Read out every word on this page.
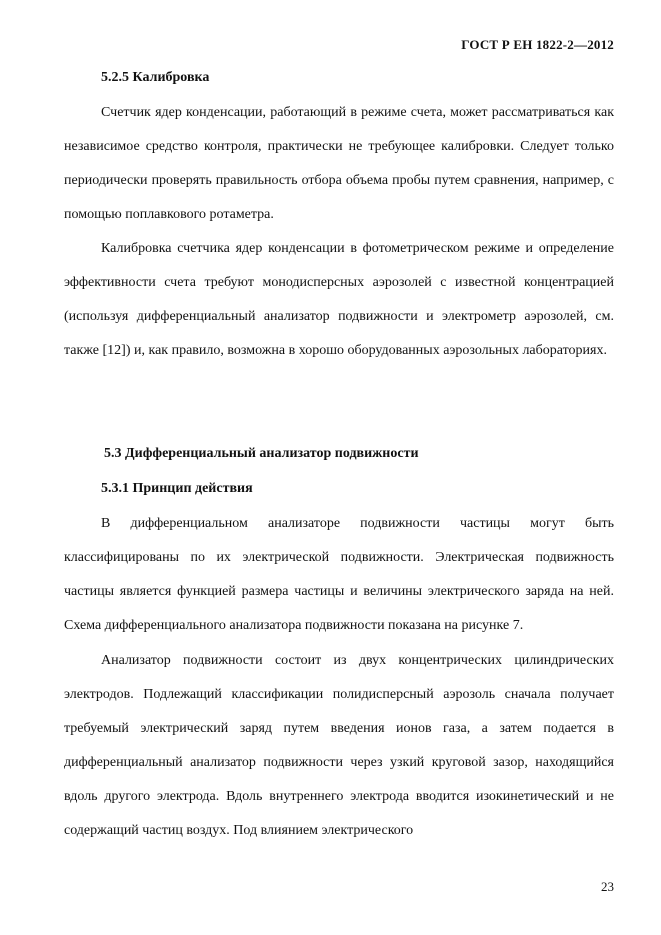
ГОСТ Р ЕН 1822-2—2012
5.2.5 Калибровка

Счетчик ядер конденсации, работающий в режиме счета, может рассматриваться как независимое средство контроля, практически не требующее калибровки. Следует только периодически проверять правильность отбора объема пробы путем сравнения, например, с помощью поплавкового ротаметра.

Калибровка счетчика ядер конденсации в фотометрическом режиме и определение эффективности счета требуют монодисперсных аэрозолей с известной концентрацией (используя дифференциальный анализатор подвижности и электрометр аэрозолей, см. также [12]) и, как правило, возможна в хорошо оборудованных аэрозольных лабораториях.

5.3 Дифференциальный анализатор подвижности
5.3.1 Принцип действия

В дифференциальном анализаторе подвижности частицы могут быть классифицированы по их электрической подвижности. Электрическая подвижность частицы является функцией размера частицы и величины электрического заряда на ней. Схема дифференциального анализатора подвижности показана на рисунке 7.

Анализатор подвижности состоит из двух концентрических цилиндрических электродов. Подлежащий классификации полидисперсный аэрозоль сначала получает требуемый электрический заряд путем введения ионов газа, а затем подается в дифференциальный анализатор подвижности через узкий круговой зазор, находящийся вдоль другого электрода. Вдоль внутреннего электрода вводится изокинетический и не содержащий частиц воздух. Под влиянием электрического

23
